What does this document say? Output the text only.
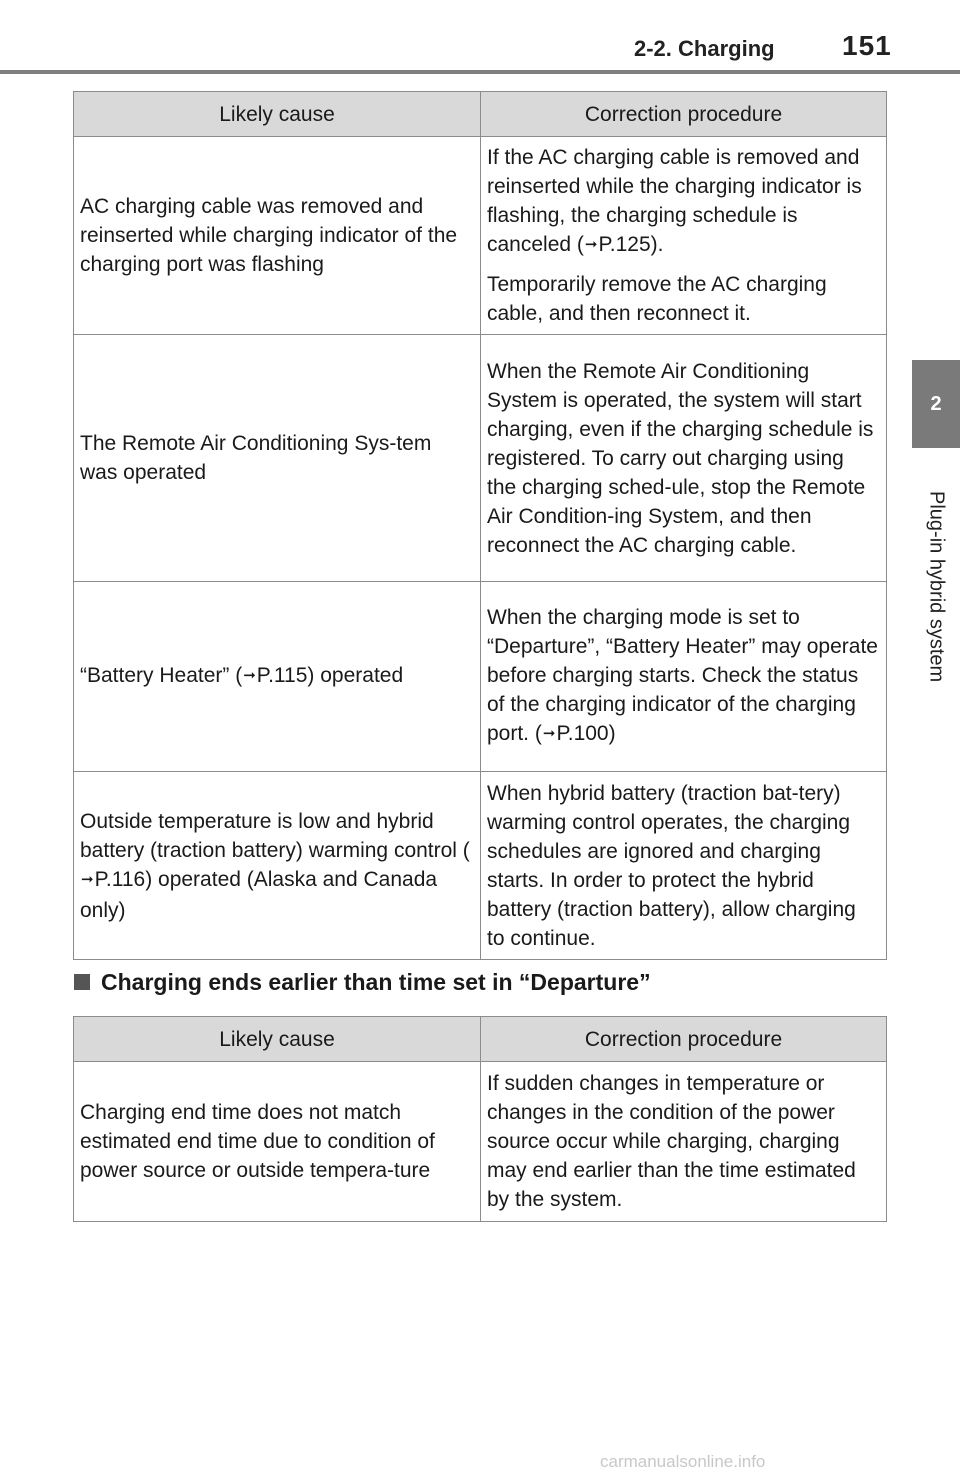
2-2. Charging 151
2
Plug-in hybrid system
Likely cause	Correction procedure
AC charging cable was removed and reinserted while charging indicator of the charging port was flashing	If the AC charging cable is removed and reinserted while the charging indicator is flashing, the charging schedule is canceled (➞P.125).

Temporarily remove the AC charging cable, and then reconnect it.

The Remote Air Conditioning Sys-tem was operated	When the Remote Air Conditioning System is operated, the system will start charging, even if the charging schedule is registered. To carry out charging using the charging sched-ule, stop the Remote Air Condition-ing System, and then reconnect the AC charging cable.
“Battery Heater” (➞P.115) operated	When the charging mode is set to “Departure”, “Battery Heater” may operate before charging starts. Check the status of the charging indicator of the charging port. (➞P.100)
Outside temperature is low and hybrid battery (traction battery) warming control (➞P.116) operated (Alaska and Canada only)	When hybrid battery (traction bat-tery) warming control operates, the charging schedules are ignored and charging starts. In order to protect the hybrid battery (traction battery), allow charging to continue.
Charging ends earlier than time set in “Departure”
Likely cause	Correction procedure
Charging end time does not match estimated end time due to condition of power source or outside tempera-ture	If sudden changes in temperature or changes in the condition of the power source occur while charging, charging may end earlier than the time estimated by the system.
carmanualsonline.info
